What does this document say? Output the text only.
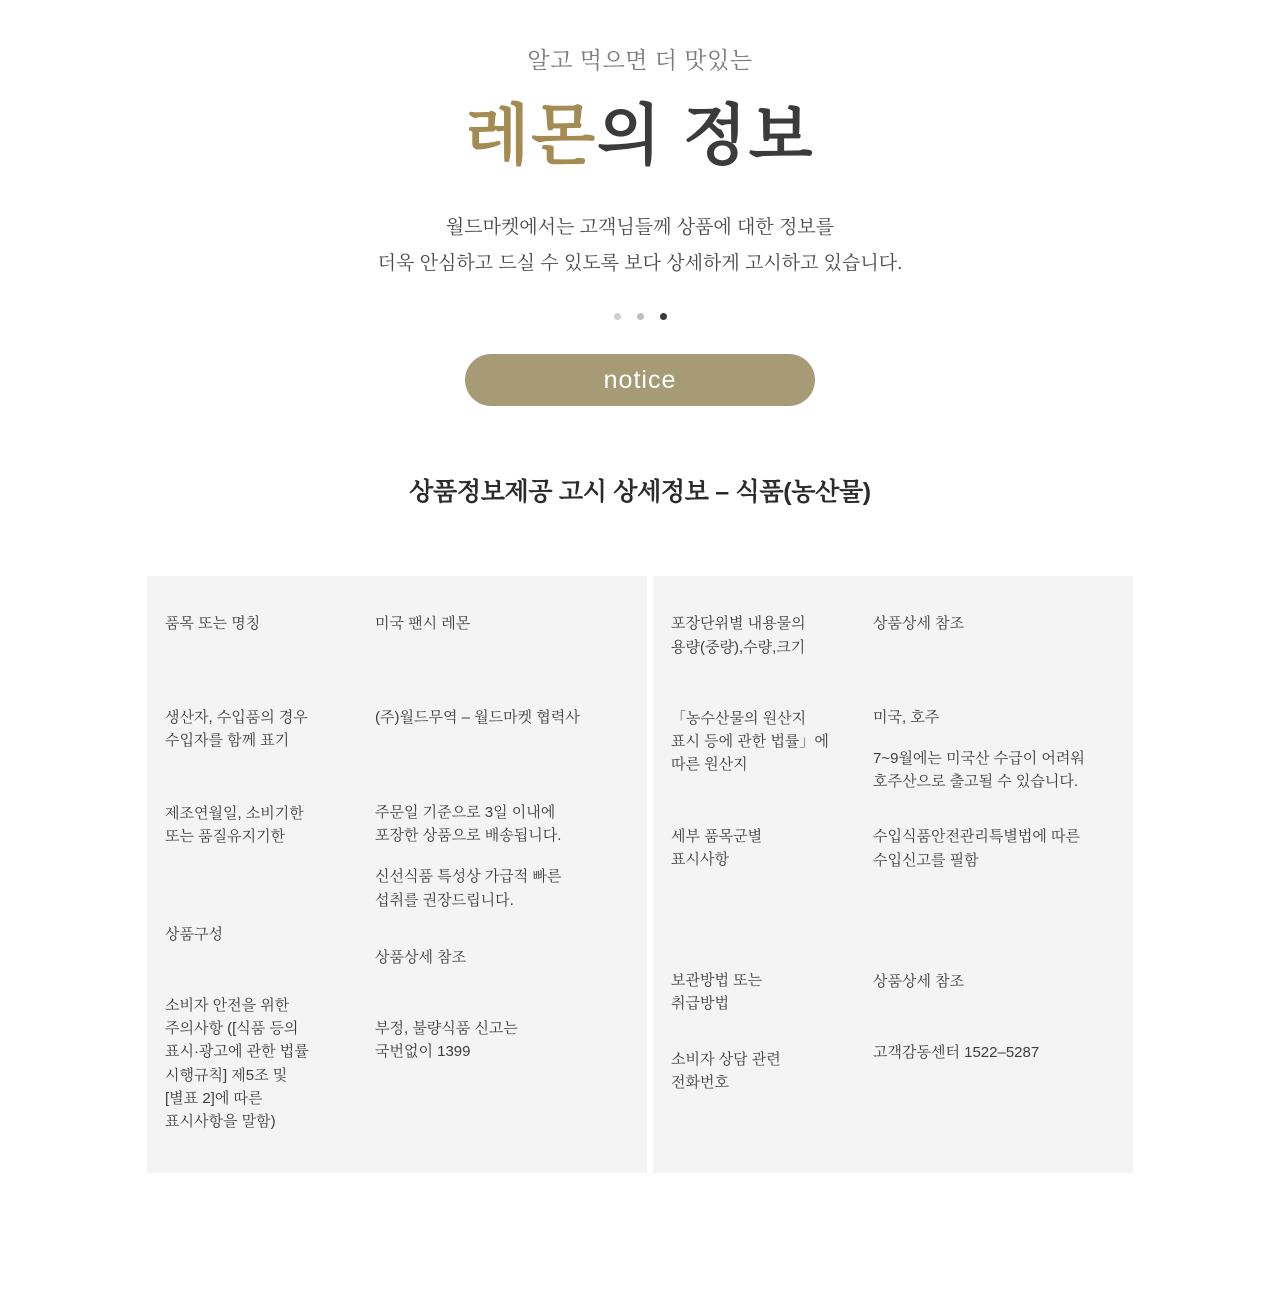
알고 먹으면 더 맛있는
레몬의 정보
월드마켓에서는 고객님들께 상품에 대한 정보를
더욱 안심하고 드실 수 있도록 보다 상세하게 고시하고 있습니다.
notice
상품정보제공 고시 상세정보 – 식품(농산물)

품목 또는 명칭

생산자, 수입품의 경우

수입자를 함께 표기

제조연월일, 소비기한

또는 품질유지기한

상품구성

소비자 안전을 위한

주의사항 ([식품 등의

표시·광고에 관한 법률

시행규칙] 제5조 및

[별표 2]에 따른

표시사항을 말함)

미국 팬시 레몬

(주)월드무역 – 월드마켓 협력사

주문일 기준으로 3일 이내에

포장한 상품으로 배송됩니다.

신선식품 특성상 가급적 빠른

섭취를 권장드립니다.

상품상세 참조

부정, 불량식품 신고는

국번없이 1399

포장단위별 내용물의

용량(중량),수량,크기

「농수산물의 원산지

표시 등에 관한 법률」에

따른 원산지

세부 품목군별

표시사항

보관방법 또는

취급방법

소비자 상담 관련

전화번호

상품상세 참조

미국, 호주

7~9월에는 미국산 수급이 어려워

호주산으로 출고될 수 있습니다.

수입식품안전관리특별법에 따른

수입신고를 필함

상품상세 참조

고객감동센터 1522–5287
